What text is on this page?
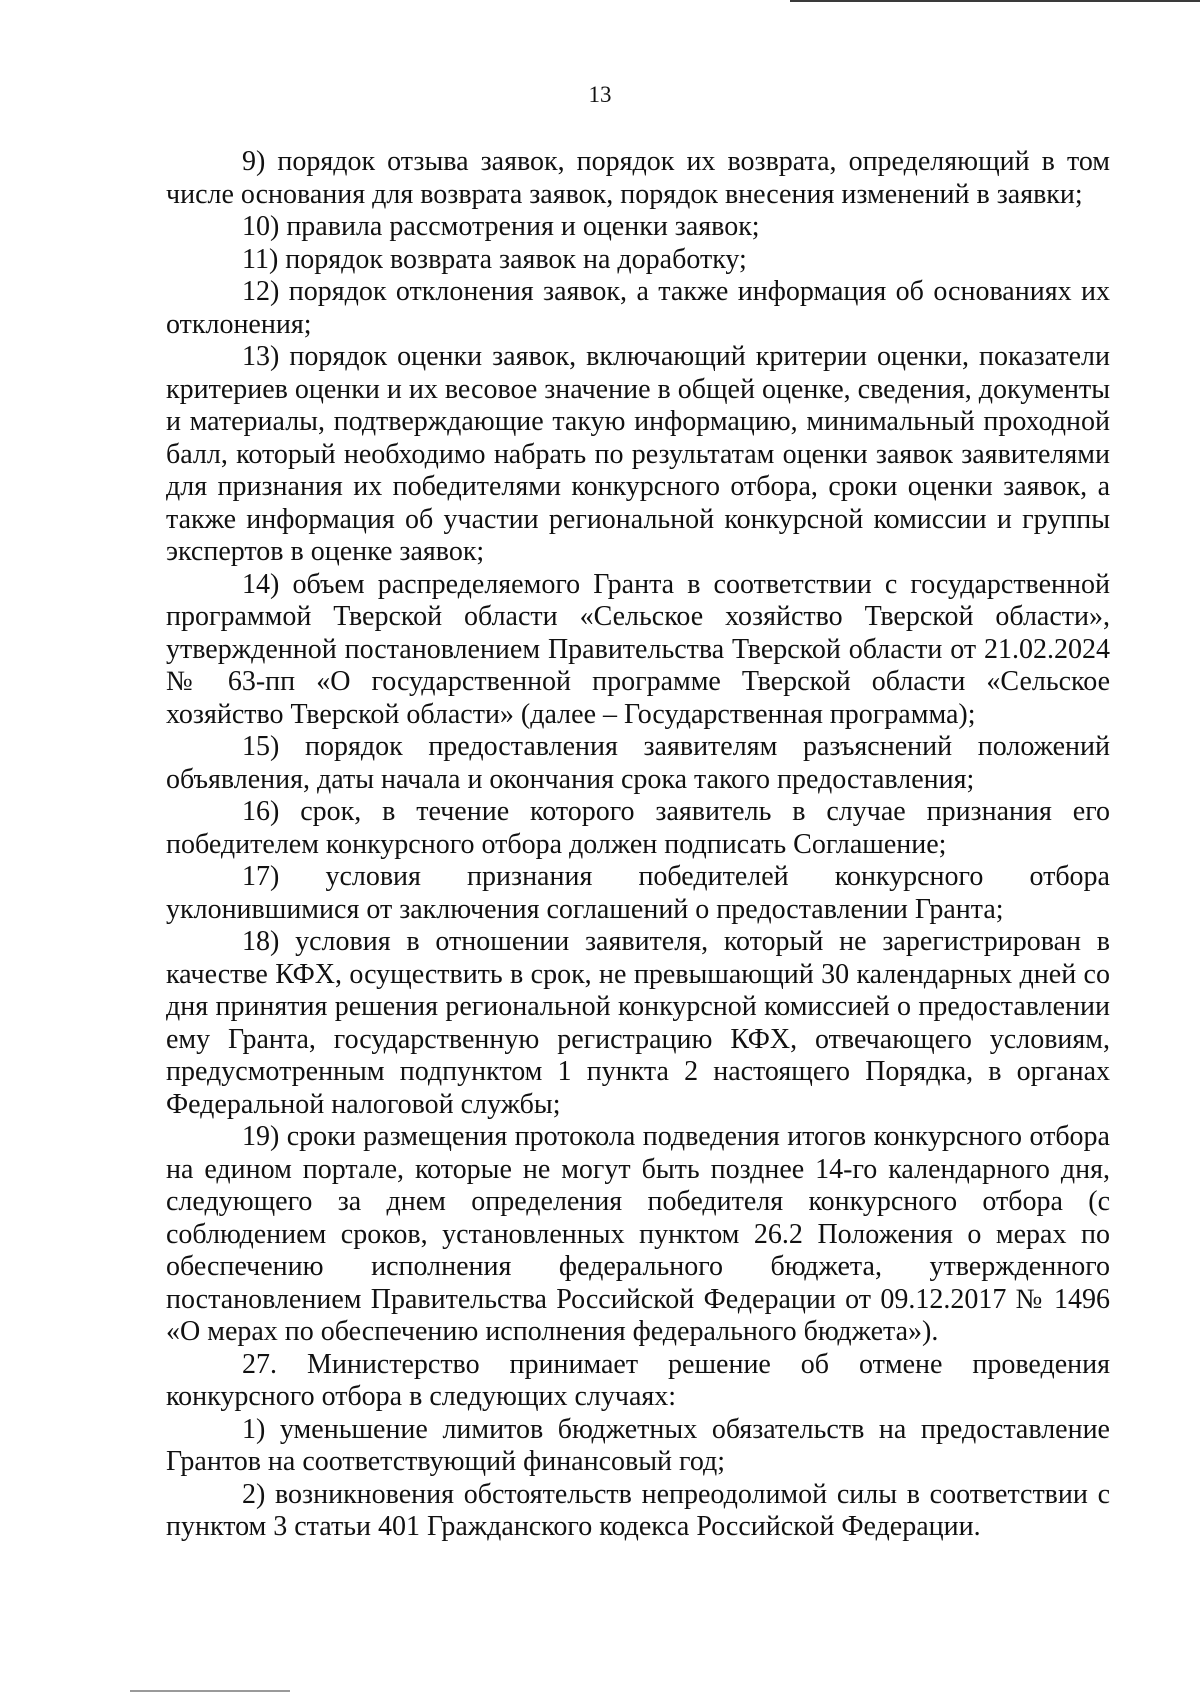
13

9) порядок отзыва заявок, порядок их возврата, определяющий в том числе основания для возврата заявок, порядок внесения изменений в заявки;

10) правила рассмотрения и оценки заявок;

11) порядок возврата заявок на доработку;

12) порядок отклонения заявок, а также информация об основаниях их отклонения;

13) порядок оценки заявок, включающий критерии оценки, показатели критериев оценки и их весовое значение в общей оценке, сведения, документы и материалы, подтверждающие такую информацию, минимальный проходной балл, который необходимо набрать по результатам оценки заявок заявителями для признания их победителями конкурсного отбора, сроки оценки заявок, а также информация об участии региональной конкурсной комиссии и группы экспертов в оценке заявок;

14) объем распределяемого Гранта в соответствии с государственной программой Тверской области «Сельское хозяйство Тверской области», утвержденной постановлением Правительства Тверской области от 21.02.2024 № 63-пп «О государственной программе Тверской области «Сельское хозяйство Тверской области» (далее – Государственная программа);

15) порядок предоставления заявителям разъяснений положений объявления, даты начала и окончания срока такого предоставления;

16) срок, в течение которого заявитель в случае признания его победителем конкурсного отбора должен подписать Соглашение;

17) условия признания победителей конкурсного отбора уклонившимися от заключения соглашений о предоставлении Гранта;

18) условия в отношении заявителя, который не зарегистрирован в качестве КФХ, осуществить в срок, не превышающий 30 календарных дней со дня принятия решения региональной конкурсной комиссией о предоставлении ему Гранта, государственную регистрацию КФХ, отвечающего условиям, предусмотренным подпунктом 1 пункта 2 настоящего Порядка, в органах Федеральной налоговой службы;

19) сроки размещения протокола подведения итогов конкурсного отбора на едином портале, которые не могут быть позднее 14-го календарного дня, следующего за днем определения победителя конкурсного отбора (с соблюдением сроков, установленных пунктом 26.2 Положения о мерах по обеспечению исполнения федерального бюджета, утвержденного постановлением Правительства Российской Федерации от 09.12.2017 № 1496 «О мерах по обеспечению исполнения федерального бюджета»).

27. Министерство принимает решение об отмене проведения конкурсного отбора в следующих случаях:

1) уменьшение лимитов бюджетных обязательств на предоставление Грантов на соответствующий финансовый год;

2) возникновения обстоятельств непреодолимой силы в соответствии с пунктом 3 статьи 401 Гражданского кодекса Российской Федерации.
